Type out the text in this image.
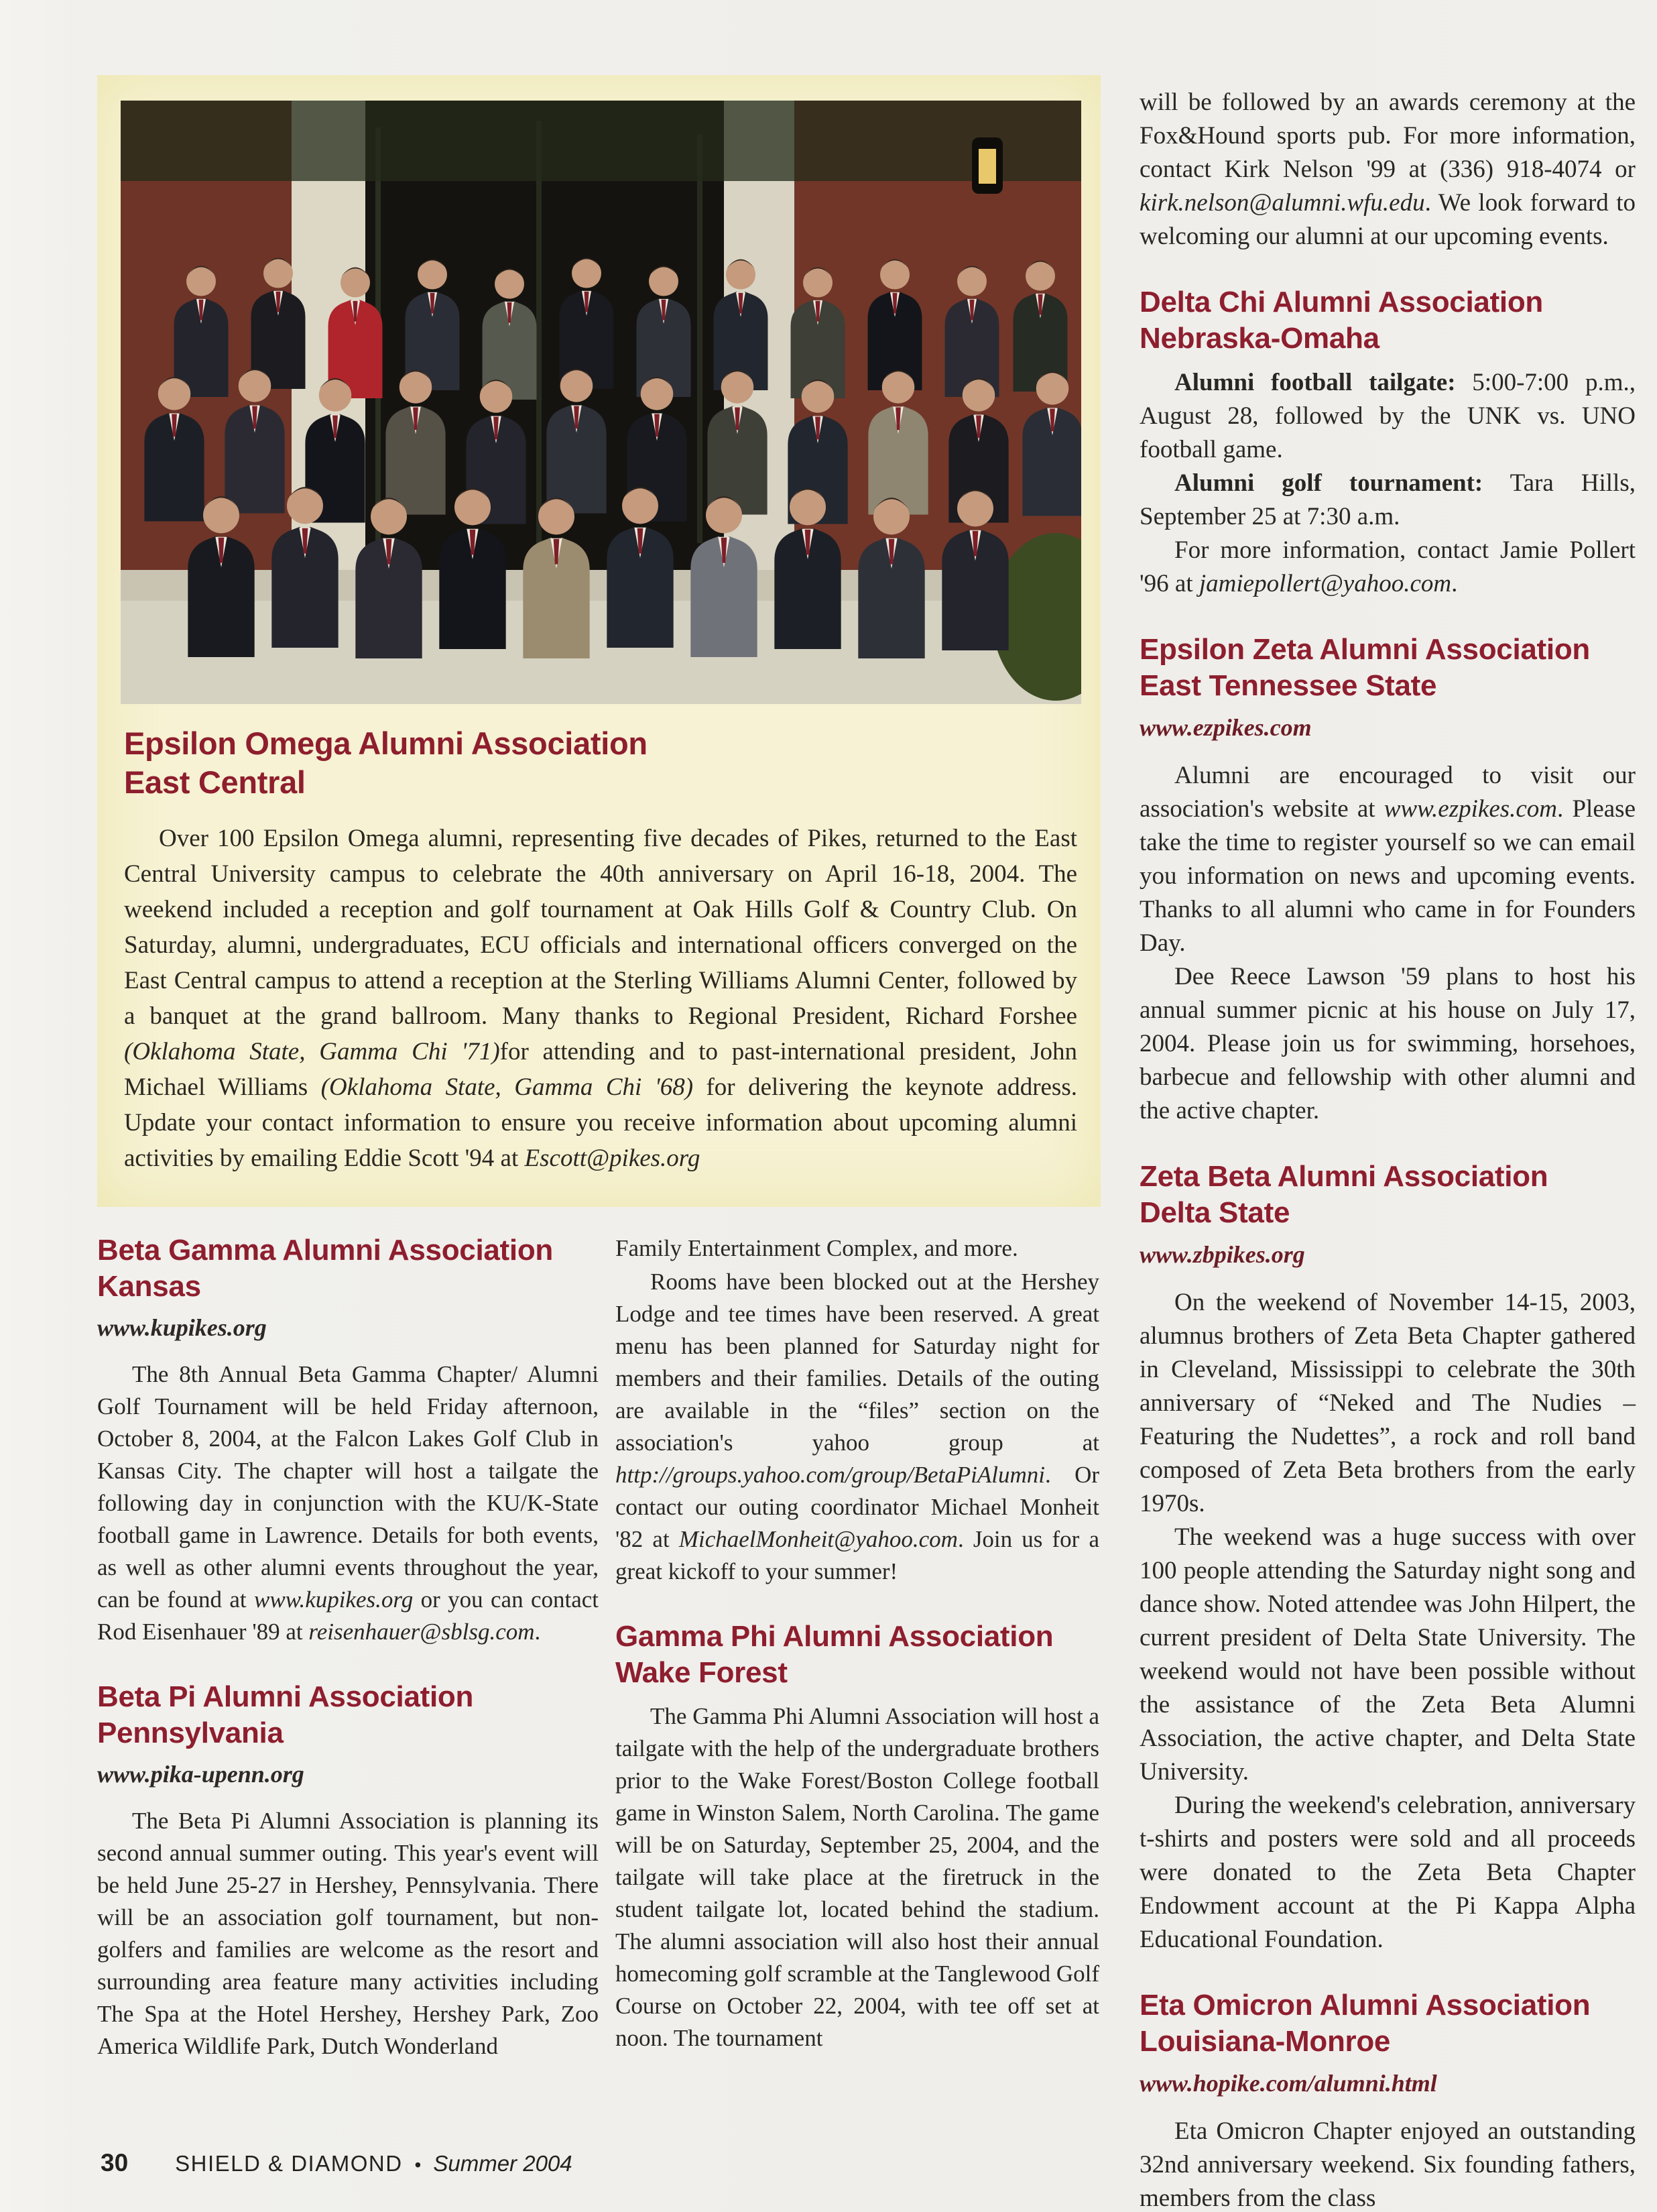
Epsilon Omega Alumni Association
East Central

Over 100 Epsilon Omega alumni, representing five decades of Pikes, returned to the East Central University campus to celebrate the 40th anniversary on April 16-18, 2004. The weekend included a reception and golf tournament at Oak Hills Golf & Country Club. On Saturday, alumni, undergraduates, ECU officials and international officers converged on the East Central campus to attend a reception at the Sterling Williams Alumni Center, followed by a banquet at the grand ballroom. Many thanks to Regional President, Richard Forshee (Oklahoma State, Gamma Chi '71)for attending and to past-international president, John Michael Williams (Oklahoma State, Gamma Chi '68) for delivering the keynote address. Update your contact information to ensure you receive information about upcoming alumni activities by emailing Eddie Scott '94 at Escott@pikes.org

Beta Gamma Alumni Association
Kansas
www.kupikes.org

The 8th Annual Beta Gamma Chapter/ Alumni Golf Tournament will be held Friday afternoon, October 8, 2004, at the Falcon Lakes Golf Club in Kansas City. The chapter will host a tailgate the following day in conjunction with the KU/K-State football game in Lawrence. Details for both events, as well as other alumni events throughout the year, can be found at www.kupikes.org or you can contact Rod Eisenhauer '89 at reisenhauer@sblsg.com.

Beta Pi Alumni Association
Pennsylvania
www.pika-upenn.org

The Beta Pi Alumni Association is planning its second annual summer outing. This year's event will be held June 25-27 in Hershey, Pennsylvania. There will be an association golf tournament, but non-golfers and families are welcome as the resort and surrounding area feature many activities including The Spa at the Hotel Hershey, Hershey Park, Zoo America Wildlife Park, Dutch Wonderland

Family Entertainment Complex, and more.

Rooms have been blocked out at the Hershey Lodge and tee times have been reserved. A great menu has been planned for Saturday night for members and their families. Details of the outing are available in the “files” section on the association's yahoo group at http://groups.yahoo.com/group/BetaPiAlumni. Or contact our outing coordinator Michael Monheit '82 at MichaelMonheit@yahoo.com. Join us for a great kickoff to your summer!

Gamma Phi Alumni Association
Wake Forest

The Gamma Phi Alumni Association will host a tailgate with the help of the undergraduate brothers prior to the Wake Forest/Boston College football game in Winston Salem, North Carolina. The game will be on Saturday, September 25, 2004, and the tailgate will take place at the firetruck in the student tailgate lot, located behind the stadium. The alumni association will also host their annual homecoming golf scramble at the Tanglewood Golf Course on October 22, 2004, with tee off set at noon. The tournament

will be followed by an awards ceremony at the Fox&Hound sports pub. For more information, contact Kirk Nelson '99 at (336) 918-4074 or kirk.nelson@alumni.wfu.edu. We look forward to welcoming our alumni at our upcoming events.

Delta Chi Alumni Association
Nebraska-Omaha

Alumni football tailgate: 5:00-7:00 p.m., August 28, followed by the UNK vs. UNO football game.

Alumni golf tournament: Tara Hills, September 25 at 7:30 a.m.

For more information, contact Jamie Pollert '96 at jamiepollert@yahoo.com.

Epsilon Zeta Alumni Association
East Tennessee State
www.ezpikes.com

Alumni are encouraged to visit our association's website at www.ezpikes.com. Please take the time to register yourself so we can email you information on news and upcoming events. Thanks to all alumni who came in for Founders Day.

Dee Reece Lawson '59 plans to host his annual summer picnic at his house on July 17, 2004. Please join us for swimming, horsehoes, barbecue and fellowship with other alumni and the active chapter.

Zeta Beta Alumni Association
Delta State
www.zbpikes.org

On the weekend of November 14-15, 2003, alumnus brothers of Zeta Beta Chapter gathered in Cleveland, Mississippi to celebrate the 30th anniversary of “Neked and The Nudies – Featuring the Nudettes”, a rock and roll band composed of Zeta Beta brothers from the early 1970s.

The weekend was a huge success with over 100 people attending the Saturday night song and dance show. Noted attendee was John Hilpert, the current president of Delta State University. The weekend would not have been possible without the assistance of the Zeta Beta Alumni Association, the active chapter, and Delta State University.

During the weekend's celebration, anniversary t-shirts and posters were sold and all proceeds were donated to the Zeta Beta Chapter Endowment account at the Pi Kappa Alpha Educational Foundation.

Eta Omicron Alumni Association
Louisiana-Monroe
www.hopike.com/alumni.html

Eta Omicron Chapter enjoyed an outstanding 32nd anniversary weekend. Six founding fathers, members from the class

30 SHIELD & DIAMOND • Summer 2004
